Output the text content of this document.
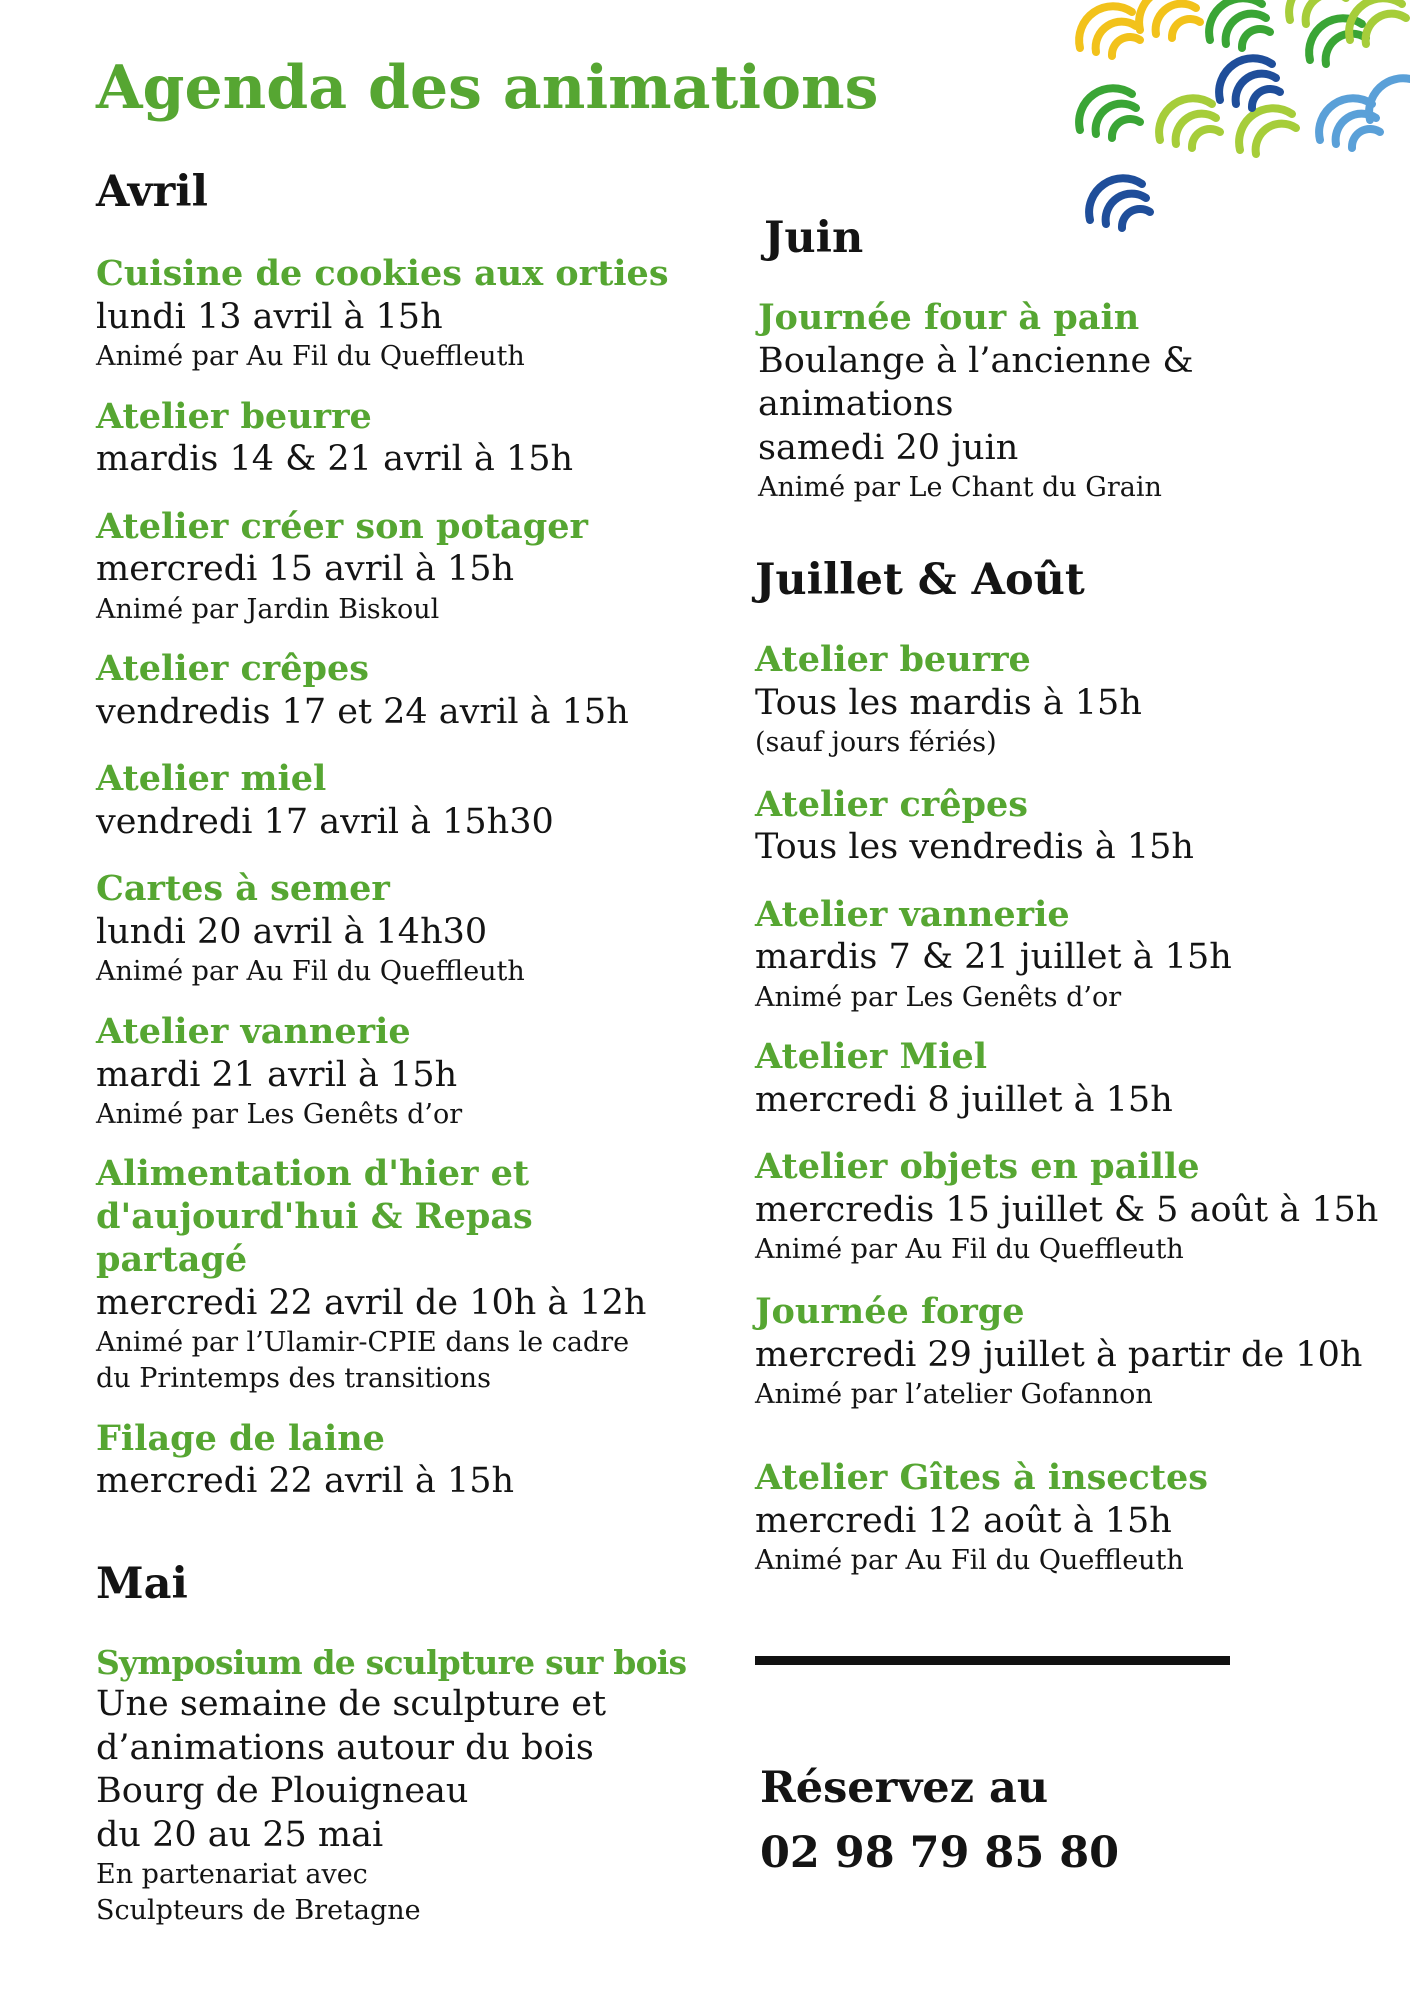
Agenda des animations
Avril
Cuisine de cookies aux orties
lundi 13 avril à 15h
Animé par Au Fil du Queffleuth
Atelier beurre
mardis 14 & 21 avril à 15h
Atelier créer son potager
mercredi 15 avril à 15h
Animé par Jardin Biskoul
Atelier crêpes
vendredis 17 et 24 avril à 15h
Atelier miel
vendredi 17 avril à 15h30
Cartes à semer
lundi 20 avril à 14h30
Animé par Au Fil du Queffleuth
Atelier vannerie
mardi 21 avril à 15h
Animé par Les Genêts d’or
Alimentation d'hier et d'aujourd'hui & Repas partagé
mercredi 22 avril de 10h à 12h
Animé par l’Ulamir-CPIE dans le cadre
du Printemps des transitions
Filage de laine
mercredi 22 avril à 15h
Mai
Symposium de sculpture sur bois
Une semaine de sculpture et
d’animations autour du bois
Bourg de Plouigneau
du 20 au 25 mai
En partenariat avec
Sculpteurs de Bretagne
Juin
Journée four à pain
Boulange à l’ancienne &
animations
samedi 20 juin
Animé par Le Chant du Grain
Juillet & Août
Atelier beurre
Tous les mardis à 15h
(sauf jours fériés)
Atelier crêpes
Tous les vendredis à 15h
Atelier vannerie
mardis 7 & 21 juillet à 15h
Animé par Les Genêts d’or
Atelier Miel
mercredi 8 juillet à 15h
Atelier objets en paille
mercredis 15 juillet & 5 août à 15h
Animé par Au Fil du Queffleuth
Journée forge
mercredi 29 juillet à partir de 10h
Animé par l’atelier Gofannon
Atelier Gîtes à insectes
mercredi 12 août à 15h
Animé par Au Fil du Queffleuth
Réservez au
02 98 79 85 80
